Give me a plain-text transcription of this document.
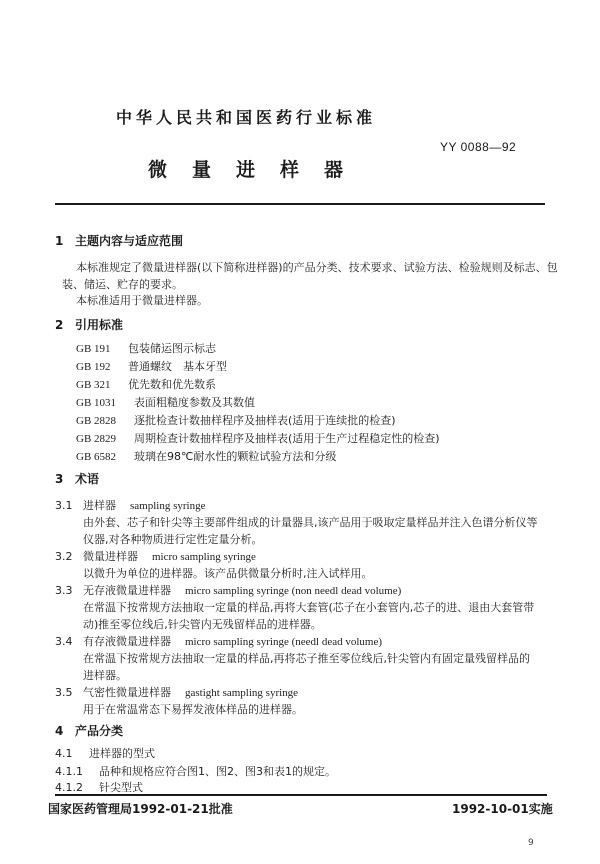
中华人民共和国医药行业标准
YY 0088—92
微 量 进 样 器
1 主题内容与适应范围
本标准规定了微量进样器(以下简称进样器)的产品分类、技术要求、试验方法、检验规则及标志、包
装、储运、贮存的要求。
本标准适用于微量进样器。
2 引用标准
GB 191 包装储运图示标志
GB 192 普通螺纹　基本牙型
GB 321 优先数和优先数系
GB 1031 表面粗糙度参数及其数值
GB 2828 逐批检查计数抽样程序及抽样表(适用于连续批的检查)
GB 2829 周期检查计数抽样程序及抽样表(适用于生产过程稳定性的检查)
GB 6582 玻璃在98℃耐水性的颗粒试验方法和分级
3 术语
3.1 进样器 sampling syringe
由外套、芯子和针尖等主要部件组成的计量器具,该产品用于吸取定量样品并注入色谱分析仪等
仪器,对各种物质进行定性定量分析。
3.2 微量进样器 micro sampling syringe
以微升为单位的进样器。该产品供微量分析时,注入试样用。
3.3 无存液微量进样器 micro sampling syringe (non needl dead volume)
在常温下按常规方法抽取一定量的样品,再将大套管(芯子在小套管内,芯子的进、退由大套管带
动)推至零位线后,针尖管内无残留样品的进样器。
3.4 有存液微量进样器 micro sampling syringe (needl dead volume)
在常温下按常规方法抽取一定量的样品,再将芯子推至零位线后,针尖管内有固定量残留样品的
进样器。
3.5 气密性微量进样器 gastight sampling syringe
用于在常温常态下易挥发液体样品的进样器。
4 产品分类
4.1 进样器的型式
4.1.1 品种和规格应符合图1、图2、图3和表1的规定。
4.1.2 针尖型式
国家医药管理局1992-01-21批准	1992-10-01实施
9
